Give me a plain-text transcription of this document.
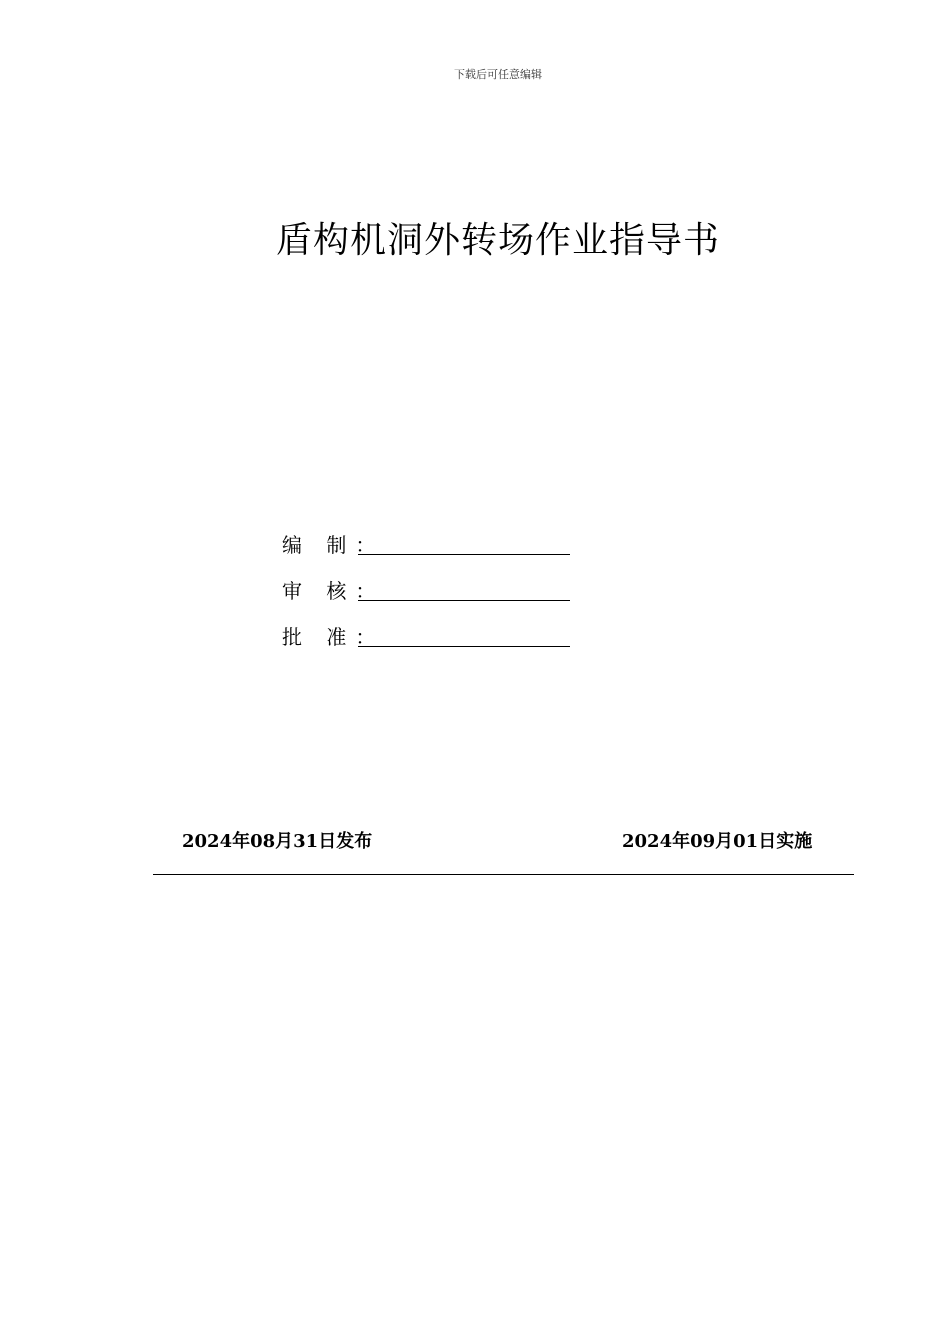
下载后可任意编辑
盾构机洞外转场作业指导书
编 制：
审 核：
批 准：
2024年08月31日发布	2024年09月01日实施
